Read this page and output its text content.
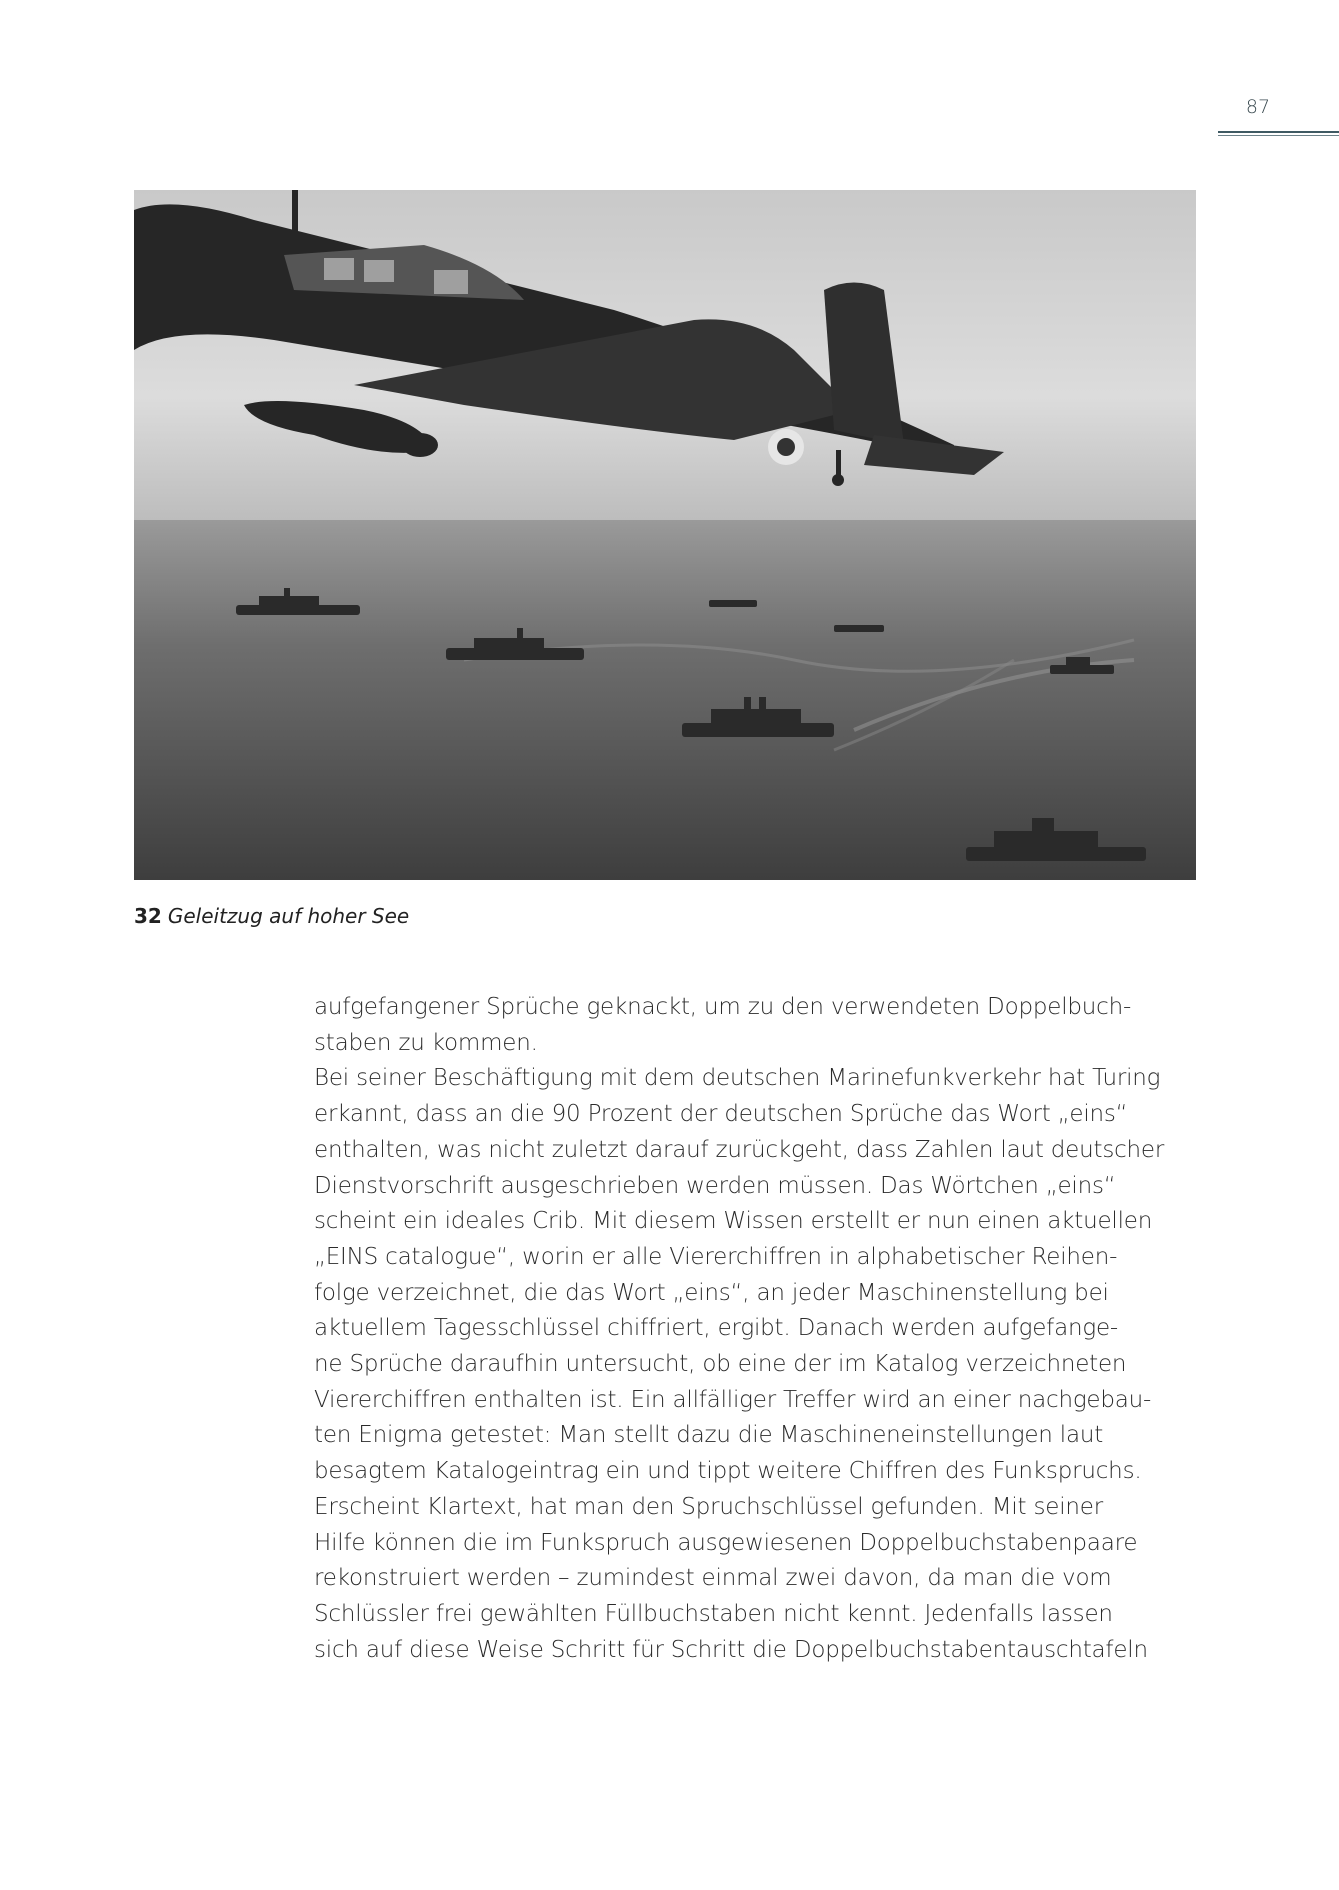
87
32 Geleitzug auf hoher See
aufgefangener Sprüche geknackt, um zu den verwendeten Doppelbuch-
staben zu kommen.
Bei seiner Beschäftigung mit dem deutschen Marinefunkverkehr hat Turing
erkannt, dass an die 90 Prozent der deutschen Sprüche das Wort „eins“
enthalten, was nicht zuletzt darauf zurückgeht, dass Zahlen laut deutscher
Dienstvorschrift ausgeschrieben werden müssen. Das Wörtchen „eins“
scheint ein ideales Crib. Mit diesem Wissen erstellt er nun einen aktuellen
„EINS catalogue“, worin er alle Viererchiffren in alphabetischer Reihen-
folge verzeichnet, die das Wort „eins“, an jeder Maschinenstellung bei
aktuellem Tagesschlüssel chiffriert, ergibt. Danach werden aufgefange-
ne Sprüche daraufhin untersucht, ob eine der im Katalog verzeichneten
Viererchiffren enthalten ist. Ein allfälliger Treffer wird an einer nachgebau-
ten Enigma getestet: Man stellt dazu die Maschineneinstellungen laut
besagtem Katalogeintrag ein und tippt weitere Chiffren des Funkspruchs.
Erscheint Klartext, hat man den Spruchschlüssel gefunden. Mit seiner
Hilfe können die im Funkspruch ausgewiesenen Doppelbuchstabenpaare
rekonstruiert werden – zumindest einmal zwei davon, da man die vom
Schlüssler frei gewählten Füllbuchstaben nicht kennt. Jedenfalls lassen
sich auf diese Weise Schritt für Schritt die Doppelbuchstabentauschtafeln
